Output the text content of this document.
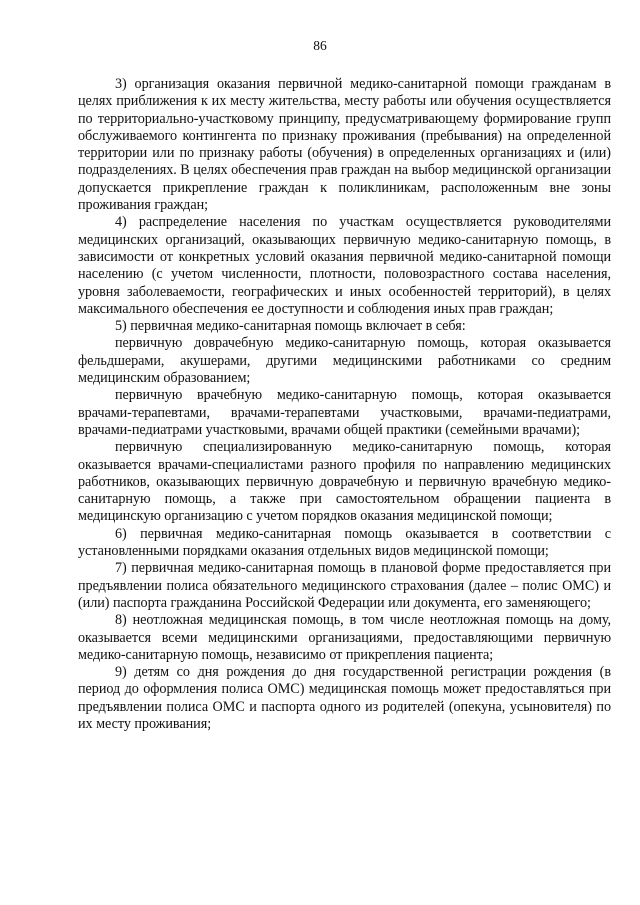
86

3) организация оказания первичной медико-санитарной помощи гражданам в целях приближения к их месту жительства, месту работы или обучения осуществляется по территориально-участковому принципу, предусматривающему формирование групп обслуживаемого контингента по признаку проживания (пребывания) на определенной территории или по признаку работы (обучения) в определенных организациях и (или) подразделениях. В целях обеспечения прав граждан на выбор медицинской организации допускается прикрепление граждан к поликлиникам, расположенным вне зоны проживания граждан;

4) распределение населения по участкам осуществляется руководителями медицинских организаций, оказывающих первичную медико-санитарную помощь, в зависимости от конкретных условий оказания первичной медико-санитарной помощи населению (с учетом численности, плотности, половозрастного состава населения, уровня заболеваемости, географических и иных особенностей территорий), в целях максимального обеспечения ее доступности и соблюдения иных прав граждан;

5) первичная медико-санитарная помощь включает в себя:

первичную доврачебную медико-санитарную помощь, которая оказывается фельдшерами, акушерами, другими медицинскими работниками со средним медицинским образованием;

первичную врачебную медико-санитарную помощь, которая оказывается врачами-терапевтами, врачами-терапевтами участковыми, врачами-педиатрами, врачами-педиатрами участковыми, врачами общей практики (семейными врачами);

первичную специализированную медико-санитарную помощь, которая оказывается врачами-специалистами разного профиля по направлению медицинских работников, оказывающих первичную доврачебную и первичную врачебную медико-санитарную помощь, а также при самостоятельном обращении пациента в медицинскую организацию с учетом порядков оказания медицинской помощи;

6) первичная медико-санитарная помощь оказывается в соответствии с установленными порядками оказания отдельных видов медицинской помощи;

7) первичная медико-санитарная помощь в плановой форме предоставляется при предъявлении полиса обязательного медицинского страхования (далее – полис ОМС) и (или) паспорта гражданина Российской Федерации или документа, его заменяющего;

8) неотложная медицинская помощь, в том числе неотложная помощь на дому, оказывается всеми медицинскими организациями, предоставляющими первичную медико-санитарную помощь, независимо от прикрепления пациента;

9) детям со дня рождения до дня государственной регистрации рождения (в период до оформления полиса ОМС) медицинская помощь может предоставляться при предъявлении полиса ОМС и паспорта одного из родителей (опекуна, усыновителя) по их месту проживания;
